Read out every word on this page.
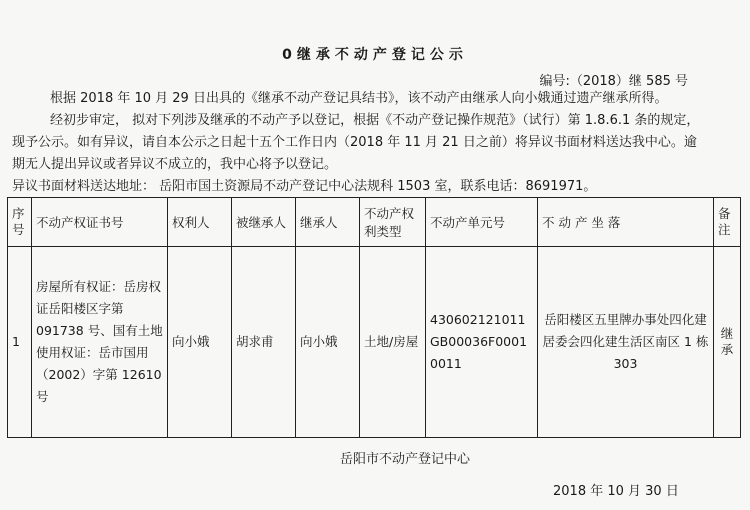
0继承不动产登记公示
编号:（2018）继 585 号
根据 2018 年 10 月 29 日出具的《继承不动产登记具结书》，该不动产由继承人向小娥通过遗产继承所得。
经初步审定， 拟对下列涉及继承的不动产予以登记，根据《不动产登记操作规范》（试行）第 1.8.6.1 条的规定，
现予公示。如有异议，请自本公示之日起十五个工作日内（2018 年 11 月 21 日之前）将异议书面材料送达我中心。逾
期无人提出异议或者异议不成立的，我中心将予以登记。
异议书面材料送达地址： 岳阳市国土资源局不动产登记中心法规科 1503 室，联系电话：8691971。
序号	不动产权证书号	权利人	被继承人	继承人	不动产权利类型	不动产单元号	不 动 产 坐 落	备注
1	房屋所有权证：岳房权证岳阳楼区字第 091738 号、国有土地使用权证：岳市国用（2002）字第 12610 号	向小娥	胡求甫	向小娥	土地/房屋	430602121011GB00036F00010011	岳阳楼区五里牌办事处四化建居委会四化建生活区南区 1 栋 303	继承
岳阳市不动产登记中心
2018 年 10 月 30 日
